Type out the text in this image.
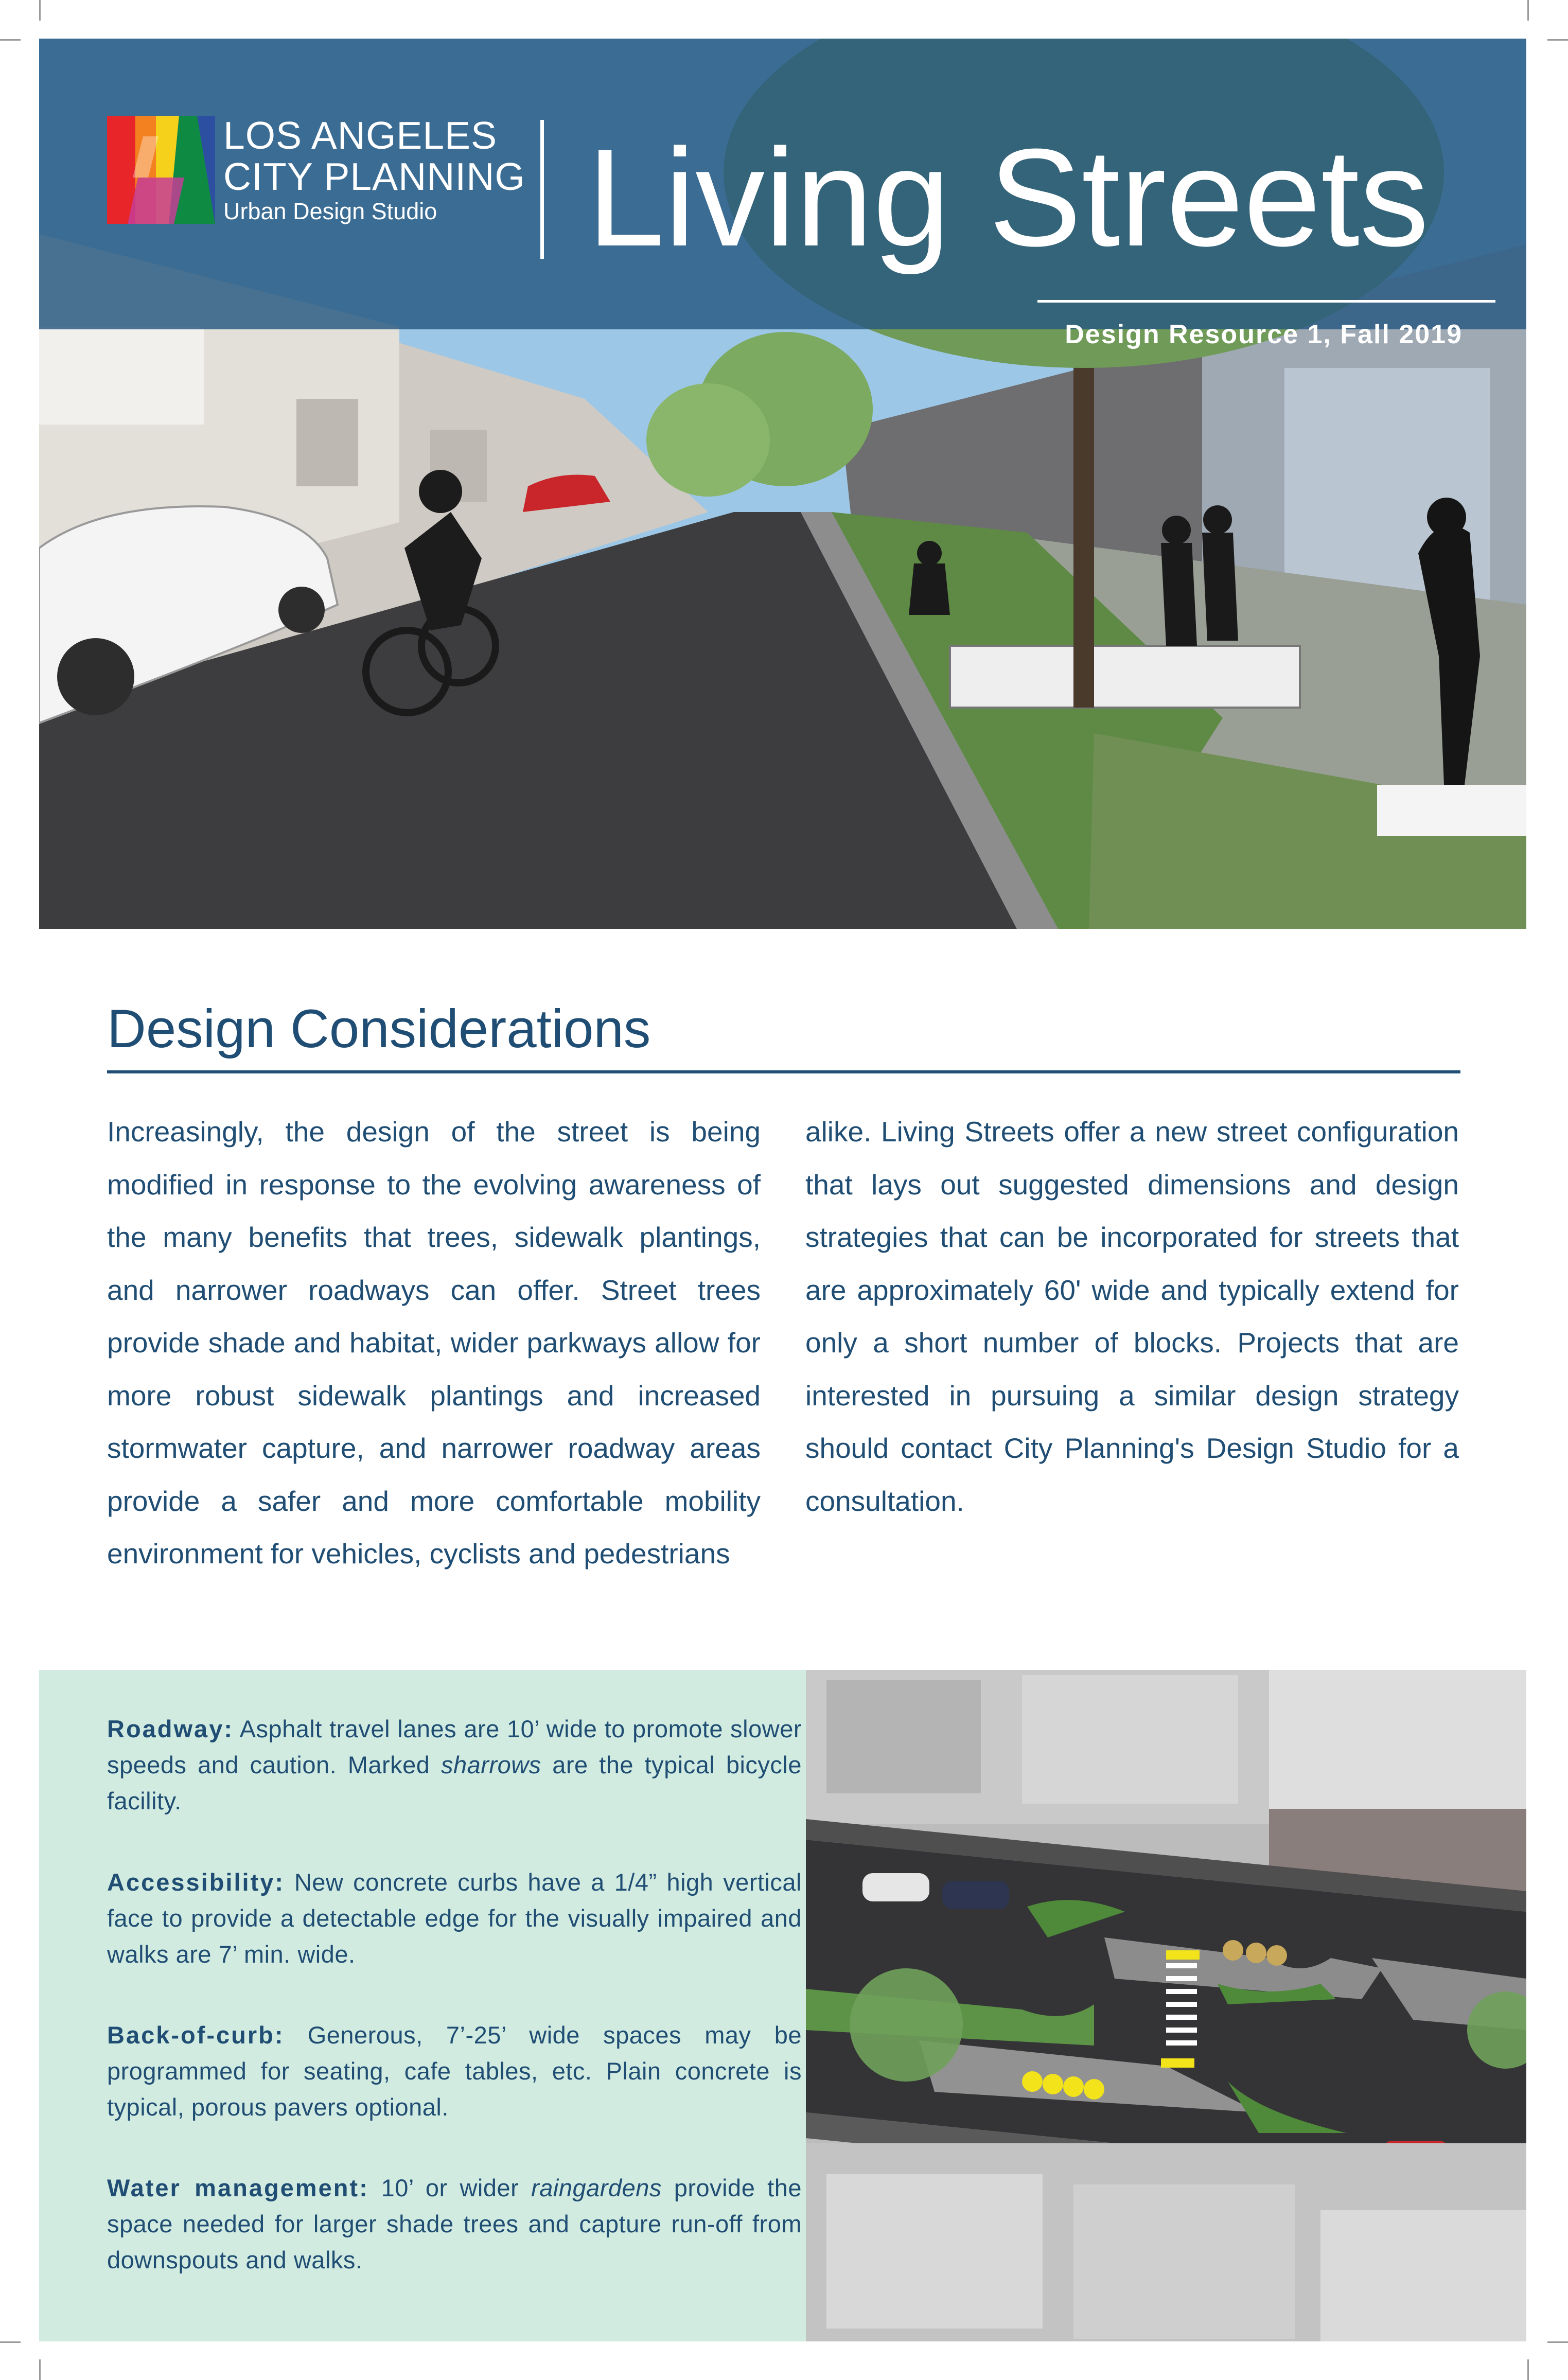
LOS ANGELES
CITY PLANNING
Urban Design Studio	Living Streets
Design Resource 1, Fall 2019
Design Considerations

Increasingly, the design of the street is being modified in response to the evolving awareness of the many benefits that trees, sidewalk plantings, and narrower roadways can offer. Street trees provide shade and habitat, wider parkways allow for more robust sidewalk plantings and increased stormwater capture, and narrower roadway areas provide a safer and more comfortable mobility environment for vehicles, cyclists and pedestrians

alike. Living Streets offer a new street configuration that lays out suggested dimensions and design strategies that can be incorporated for streets that are approximately 60' wide and typically extend for only a short number of blocks. Projects that are interested in pursuing a similar design strategy should contact City Planning's Design Studio for a consultation.

Roadway: Asphalt travel lanes are 10’ wide to promote slower speeds and caution. Marked sharrows are the typical bicycle facility.

Accessibility: New concrete curbs have a 1/4” high vertical face to provide a detectable edge for the visually impaired and walks are 7’ min. wide.

Back-of-curb: Generous, 7’-25’ wide spaces may be programmed for seating, cafe tables, etc. Plain concrete is typical, porous pavers optional.

Water management: 10’ or wider raingardens provide the space needed for larger shade trees and capture run-off from downspouts and walks.
